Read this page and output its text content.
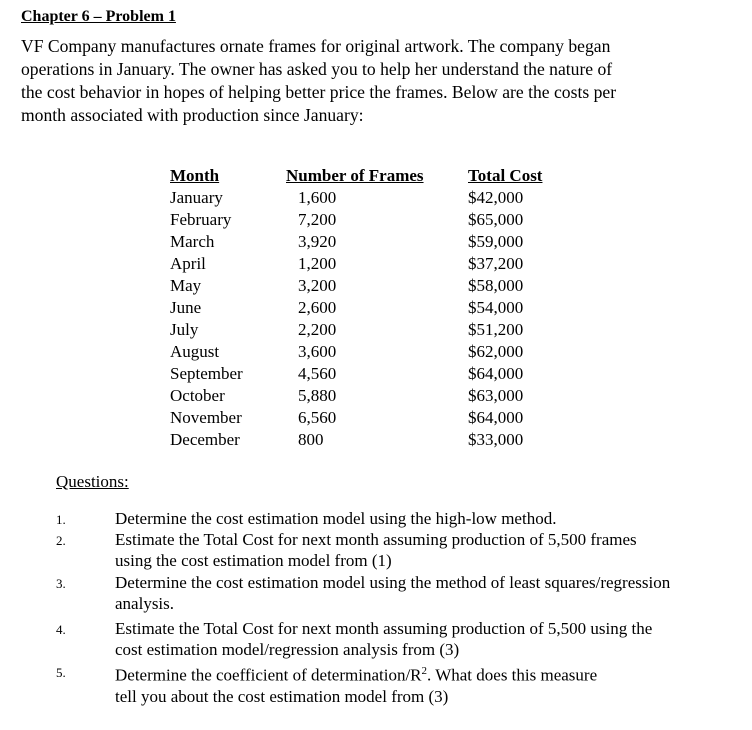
Chapter 6 – Problem 1
VF Company manufactures ornate frames for original artwork. The company began
operations in January. The owner has asked you to help her understand the nature of
the cost behavior in hopes of helping better price the frames. Below are the costs per
month associated with production since January:
Month	Number of Frames	Total Cost
January	1,600	$42,000
February	7,200	$65,000
March	3,920	$59,000
April	1,200	$37,200
May	3,200	$58,000
June	2,600	$54,000
July	2,200	$51,200
August	3,600	$62,000
September	4,560	$64,000
October	5,880	$63,000
November	6,560	$64,000
December	800	$33,000
Questions:
1.	Determine the cost estimation model using the high-low method.
2.	Estimate the Total Cost for next month assuming production of 5,500 frames
using the cost estimation model from (1)
3.	Determine the cost estimation model using the method of least squares/regression
analysis.
4.	Estimate the Total Cost for next month assuming production of 5,500 using the
cost estimation model/regression analysis from (3)
5.	Determine the coefficient of determination/$R^2$. What does this measure
tell you about the cost estimation model from (3)
